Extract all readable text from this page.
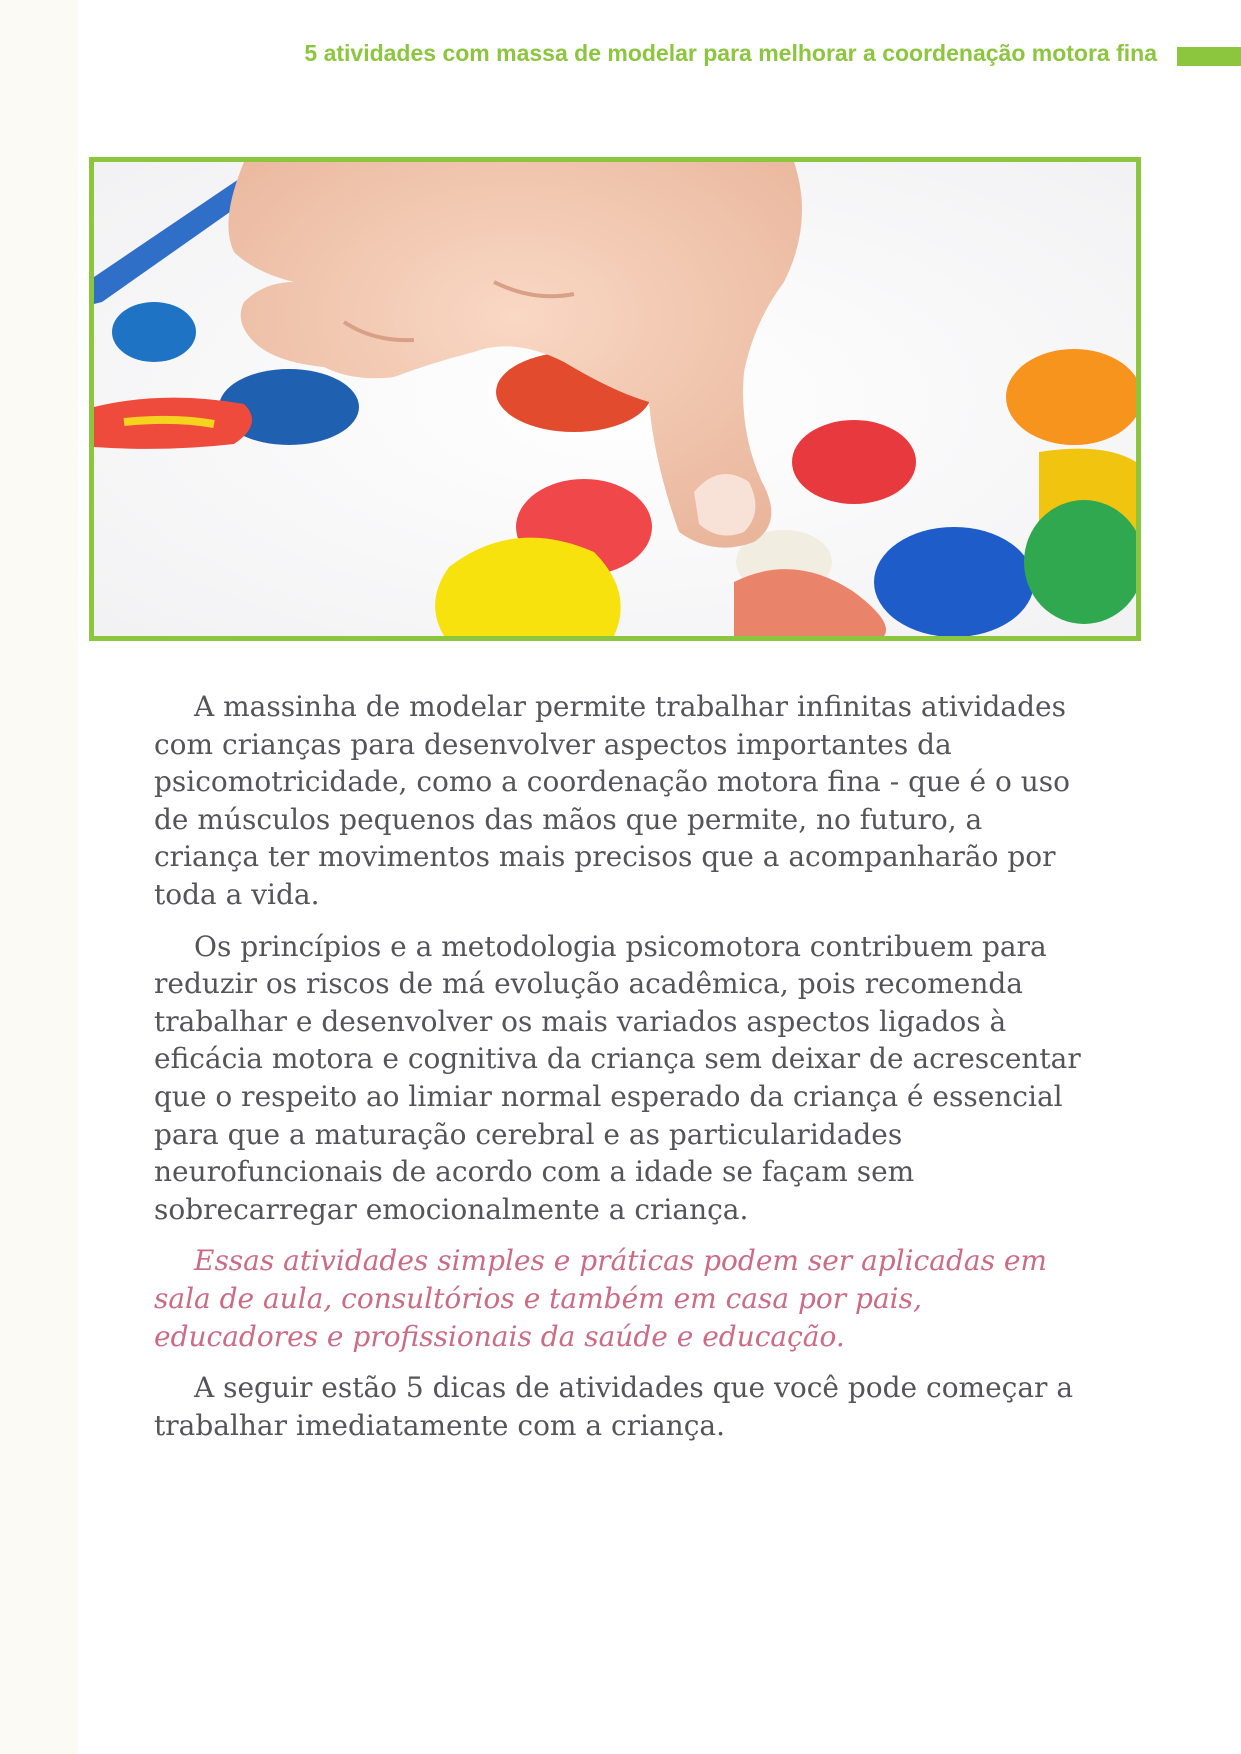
5 atividades com massa de modelar para melhorar a coordenação motora fina

A massinha de modelar permite trabalhar infinitas atividades com crianças para desenvolver aspectos importantes da psicomotricidade, como a coordenação motora fina - que é o uso de músculos pequenos das mãos que permite, no futuro, a criança ter movimentos mais precisos que a acompanharão por toda a vida.

Os princípios e a metodologia psicomotora contribuem para reduzir os riscos de má evolução acadêmica, pois recomenda trabalhar e desenvolver os mais variados aspectos ligados à eficácia motora e cognitiva da criança sem deixar de acrescentar que o respeito ao limiar normal esperado da criança é essencial para que a maturação cerebral e as particularidades neurofuncionais de acordo com a idade se façam sem sobrecarregar emocionalmente a criança.

Essas atividades simples e práticas podem ser aplicadas em sala de aula, consultórios e também em casa por pais, educadores e profissionais da saúde e educação.

A seguir estão 5 dicas de atividades que você pode começar a trabalhar imediatamente com a criança.
